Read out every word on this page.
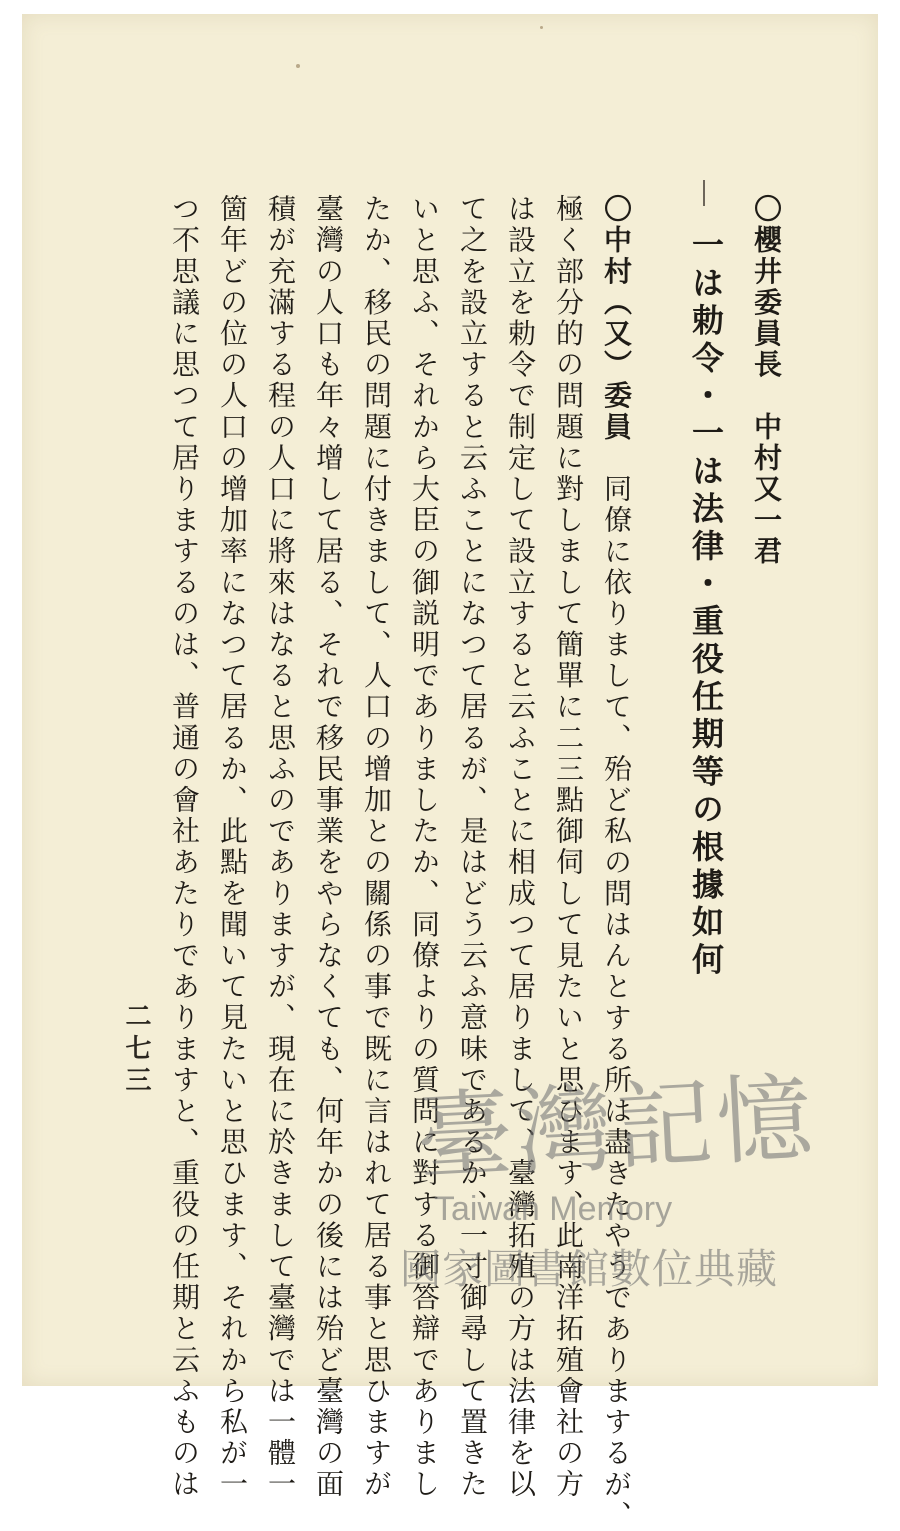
〇櫻井委員長　中村又一君
一は勅令・一は法律・重役任期等の根據如何
〇中村（又）委員　同僚に依りまして、殆ど私の問はんとする所は盡きたやうでありまするが、
極く部分的の問題に對しまして簡單に二三點御伺して見たいと思ひます、此南洋拓殖會社の方
は設立を勅令で制定して設立すると云ふことに相成つて居りまして、臺灣拓殖の方は法律を以
て之を設立すると云ふことになつて居るが、是はどう云ふ意味であるか、一寸御尋して置きた
いと思ふ、それから大臣の御説明でありましたか、同僚よりの質問に對する御答辯でありまし
たか、移民の問題に付きまして、人口の增加との關係の事で既に言はれて居る事と思ひますが
臺灣の人口も年々增して居る、それで移民事業をやらなくても、何年かの後には殆ど臺灣の面
積が充滿する程の人口に將來はなると思ふのでありますが、現在に於きまして臺灣では一體一
箇年どの位の人口の增加率になつて居るか、此點を聞いて見たいと思ひます、それから私が一
つ不思議に思つて居りまするのは、普通の會社あたりでありますと、重役の任期と云ふものは
二七三
臺灣記憶
Taiwan Memory
國家圖書館數位典藏
